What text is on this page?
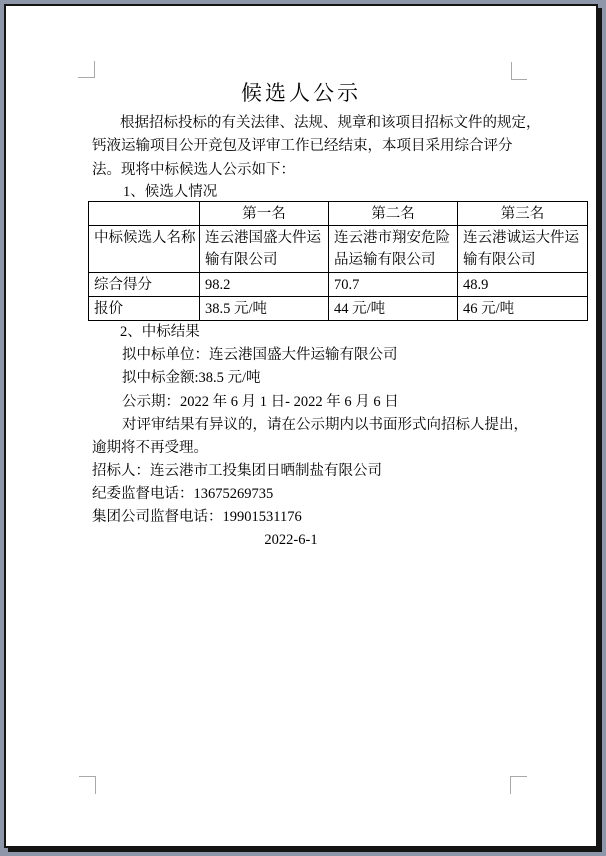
候选人公示
根据招标投标的有关法律、法规、规章和该项目招标文件的规定，
钙液运输项目公开竞包及评审工作已经结束，本项目采用综合评分
法。现将中标候选人公示如下：
1、候选人情况
	第一名	第二名	第三名
中标候选人名称	连云港国盛大件运输有限公司	连云港市翔安危险品运输有限公司	连云港诚运大件运输有限公司
综合得分	98.2	70.7	48.9
报价	38.5 元/吨	44 元/吨	46 元/吨
2、中标结果
拟中标单位：连云港国盛大件运输有限公司
拟中标金额:38.5 元/吨
公示期：2022 年 6 月 1 日- 2022 年 6 月 6 日
对评审结果有异议的，请在公示期内以书面形式向招标人提出，
逾期将不再受理。
招标人：连云港市工投集团日晒制盐有限公司
纪委监督电话：13675269735
集团公司监督电话：19901531176
2022-6-1
